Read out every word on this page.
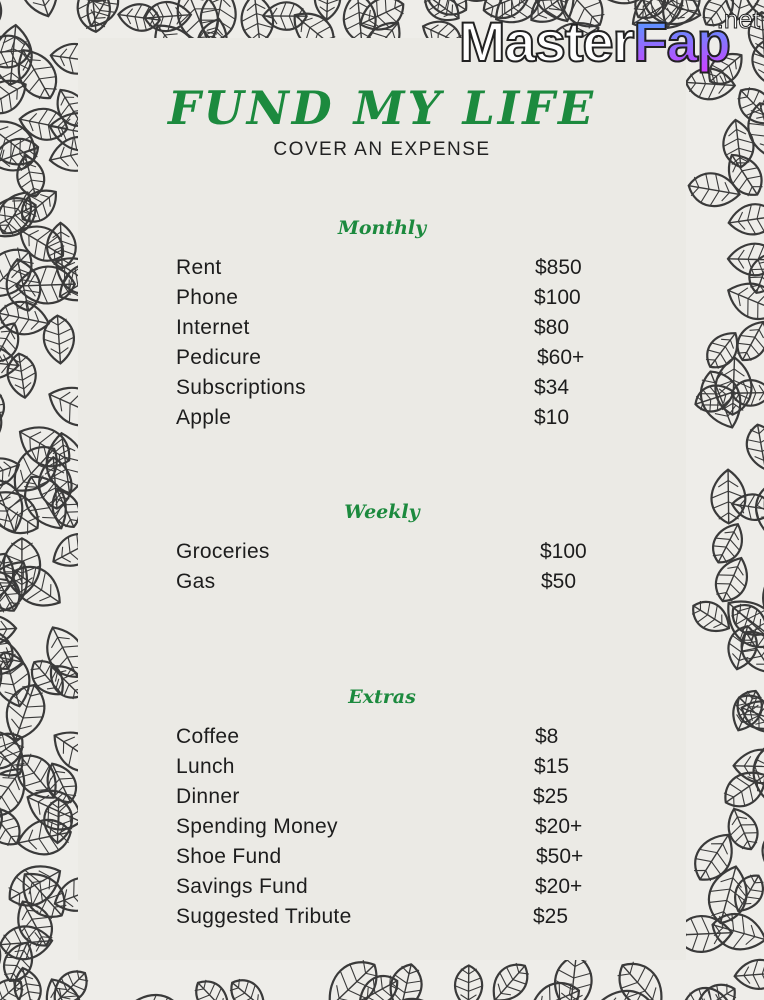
FUND MY LIFE
COVER AN EXPENSE
Monthly
Rent	$850
Phone	$100
Internet	$80
Pedicure	$60+
Subscriptions	$34
Apple	$10
Weekly
Groceries	$100
Gas	$50
Extras
Coffee	$8
Lunch	$15
Dinner	$25
Spending Money	$20+
Shoe Fund	$50+
Savings Fund	$20+
Suggested Tribute	$25
MasterFap
.net
